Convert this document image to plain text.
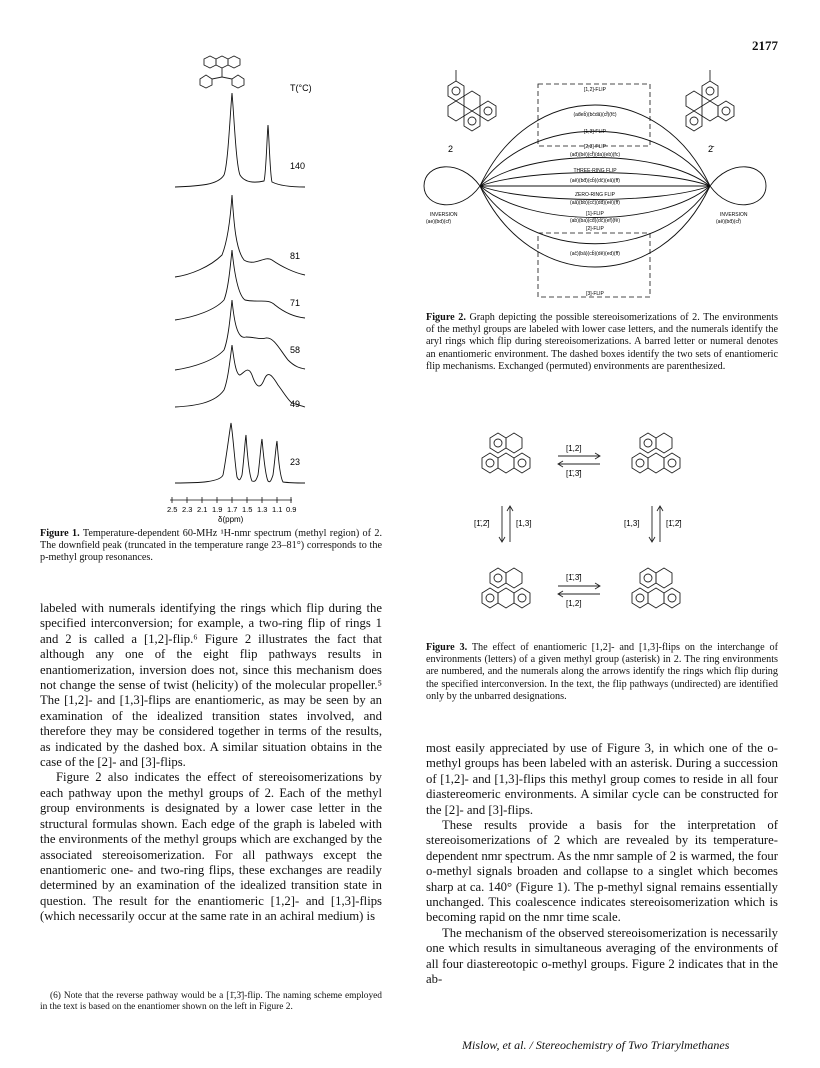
2177
T(°C)
140
81
71
58
49
23
2.5 2.3 2.1 1.9 1.7 1.5 1.3 1.1 0.9
δ(ppm)
Figure 1. Temperature-dependent 60-MHz ¹H-nmr spectrum (methyl region) of 2. The downfield peak (truncated in the temperature range 23–81°) corresponds to the p-methyl group resonances.
2	2̄
INVERSION
(ae)(bd)(cf)
INVERSION
(aē)(bd̄)(cf̄)
[1,2]-FLIP
(ad̄eb̄)(bc̄dā)(cf̄)(fc̄)
[1,3]-FLIP
[2,3]-FLIP
(ad̄)(bē)(cf̄)(da)(eb)(fc)
THREE-RING FLIP
(aē)(bd̄)(cb̄)(dc̄)(eā)(ff)
ZERO-RING FLIP
(aā)(bb̄)(cc̄)(dd̄)(eē)(ff̄)
[1]-FLIP
(ab̄)(ba)(cd̄)(dc̄)(ef̄)(fē)
[2]-FLIP
(ac̄)(bā)(cb̄)(dē)(ed)(ff)
[3]-FLIP
Figure 2. Graph depicting the possible stereoisomerizations of 2. The environments of the methyl groups are labeled with lower case letters, and the numerals identify the aryl rings which flip during stereoisomerizations. A barred letter or numeral denotes an enantiomeric environment. The dashed boxes identify the two sets of enantiomeric flip mechanisms. Exchanged (permuted) environments are parenthesized.
[1,2]
[1̄,3̄]
[1̄,2̄]	[1,3]	[1,3]	[1̄,2̄]
[1̄,3̄]
[1,2]
Figure 3. The effect of enantiomeric [1,2]- and [1,3]-flips on the interchange of environments (letters) of a given methyl group (asterisk) in 2. The ring environments are numbered, and the numerals along the arrows identify the rings which flip during the specified interconversion. In the text, the flip pathways (undirected) are identified only by the unbarred designations.

labeled with numerals identifying the rings which flip during the specified interconversion; for example, a two-ring flip of rings 1 and 2 is called a [1,2]-flip.⁶ Figure 2 illustrates the fact that although any one of the eight flip pathways results in enantiomerization, inversion does not, since this mechanism does not change the sense of twist (helicity) of the molecular propeller.⁵ The [1,2]- and [1,3]-flips are enantiomeric, as may be seen by an examination of the idealized transition states involved, and therefore they may be considered together in terms of the results, as indicated by the dashed box. A similar situation obtains in the case of the [2]- and [3]-flips.

Figure 2 also indicates the effect of stereoisomerizations by each pathway upon the methyl groups of 2. Each of the methyl group environments is designated by a lower case letter in the structural formulas shown. Each edge of the graph is labeled with the environments of the methyl groups which are exchanged by the associated stereoisomerization. For all pathways except the enantiomeric one- and two-ring flips, these exchanges are readily determined by an examination of the idealized transition state in question. The result for the enantiomeric [1,2]- and [1,3]-flips (which necessarily occur at the same rate in an achiral medium) is

(6) Note that the reverse pathway would be a [1̄,3̄]-flip. The naming scheme employed in the text is based on the enantiomer shown on the left in Figure 2.

most easily appreciated by use of Figure 3, in which one of the o-methyl groups has been labeled with an asterisk. During a succession of [1,2]- and [1,3]-flips this methyl group comes to reside in all four diastereomeric environments. A similar cycle can be constructed for the [2]- and [3]-flips.

These results provide a basis for the interpretation of stereoisomerizations of 2 which are revealed by its temperature-dependent nmr spectrum. As the nmr sample of 2 is warmed, the four o-methyl signals broaden and collapse to a singlet which becomes sharp at ca. 140° (Figure 1). The p-methyl signal remains essentially unchanged. This coalescence indicates stereoisomerization which is becoming rapid on the nmr time scale.

The mechanism of the observed stereoisomerization is necessarily one which results in simultaneous averaging of the environments of all four diastereotopic o-methyl groups. Figure 2 indicates that in the ab-

Mislow, et al. / Stereochemistry of Two Triarylmethanes
